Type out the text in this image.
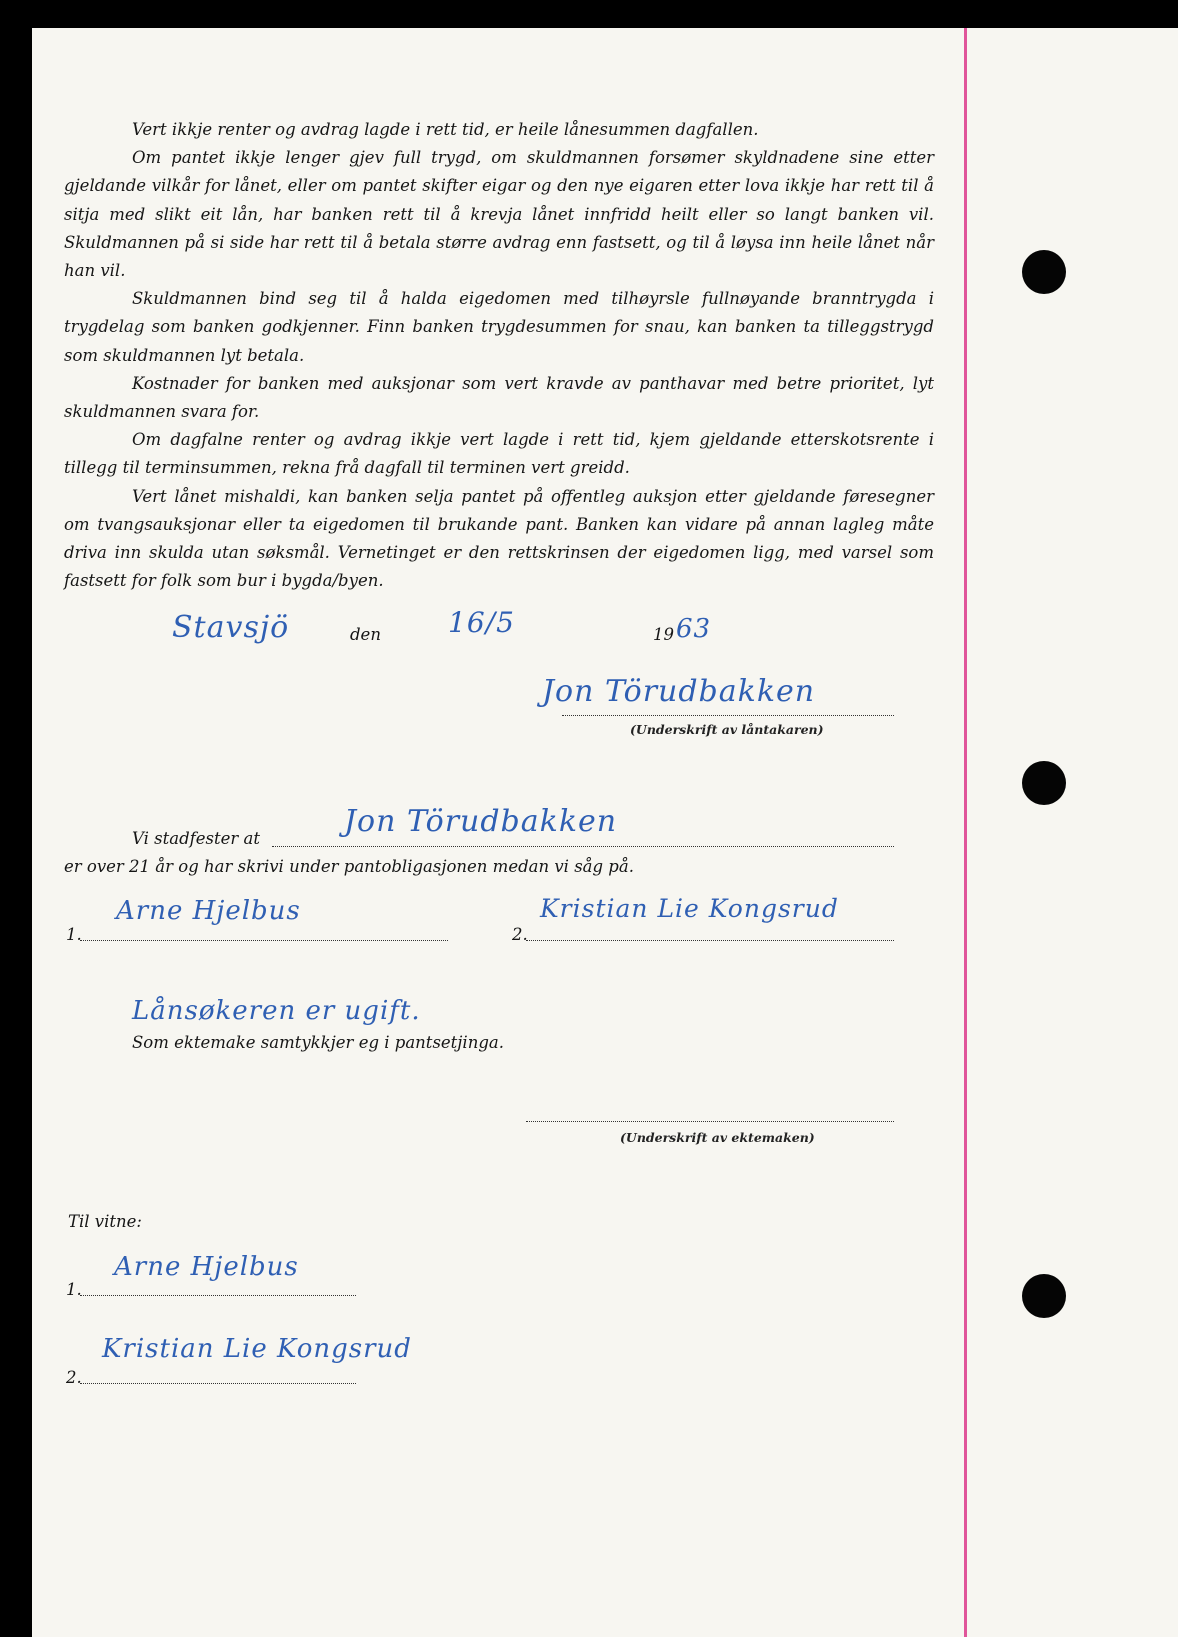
Vert ikkje renter og avdrag lagde i rett tid, er heile lånesummen dagfallen.

Om pantet ikkje lenger gjev full trygd, om skuldmannen forsømer skyldnadene sine etter gjeldande vilkår for lånet, eller om pantet skifter eigar og den nye eigaren etter lova ikkje har rett til å sitja med slikt eit lån, har banken rett til å krevja lånet innfridd heilt eller so langt banken vil. Skuldmannen på si side har rett til å betala større avdrag enn fastsett, og til å løysa inn heile lånet når han vil.

Skuldmannen bind seg til å halda eigedomen med tilhøyrsle fullnøyande branntrygda i trygdelag som banken godkjenner. Finn banken trygdesummen for snau, kan banken ta tilleggstrygd som skuldmannen lyt betala.

Kostnader for banken med auksjonar som vert kravde av panthavar med betre prioritet, lyt skuldmannen svara for.

Om dagfalne renter og avdrag ikkje vert lagde i rett tid, kjem gjeldande etterskotsrente i tillegg til terminsummen, rekna frå dagfall til terminen vert greidd.

Vert lånet mishaldi, kan banken selja pantet på offentleg auksjon etter gjeldande føresegner om tvangsauksjonar eller ta eigedomen til brukande pant. Banken kan vidare på annan lagleg måte driva inn skulda utan søksmål. Vernetinget er den rettskrinsen der eigedomen ligg, med varsel som fastsett for folk som bur i bygda/byen.

Stavsjö	den 16/5	19 63
Jon Törudbakken
(Underskrift av låntakaren)
Vi stadfester at	Jon Törudbakken
er over 21 år og har skrivi under pantobligasjonen medan vi såg på.
1.
Arne Hjelbus
2.
Kristian Lie Kongsrud
Lånsøkeren er ugift.
Som ektemake samtykkjer eg i pantsetjinga.
(Underskrift av ektemaken)
Til vitne:
1.
Arne Hjelbus
2.
Kristian Lie Kongsrud
